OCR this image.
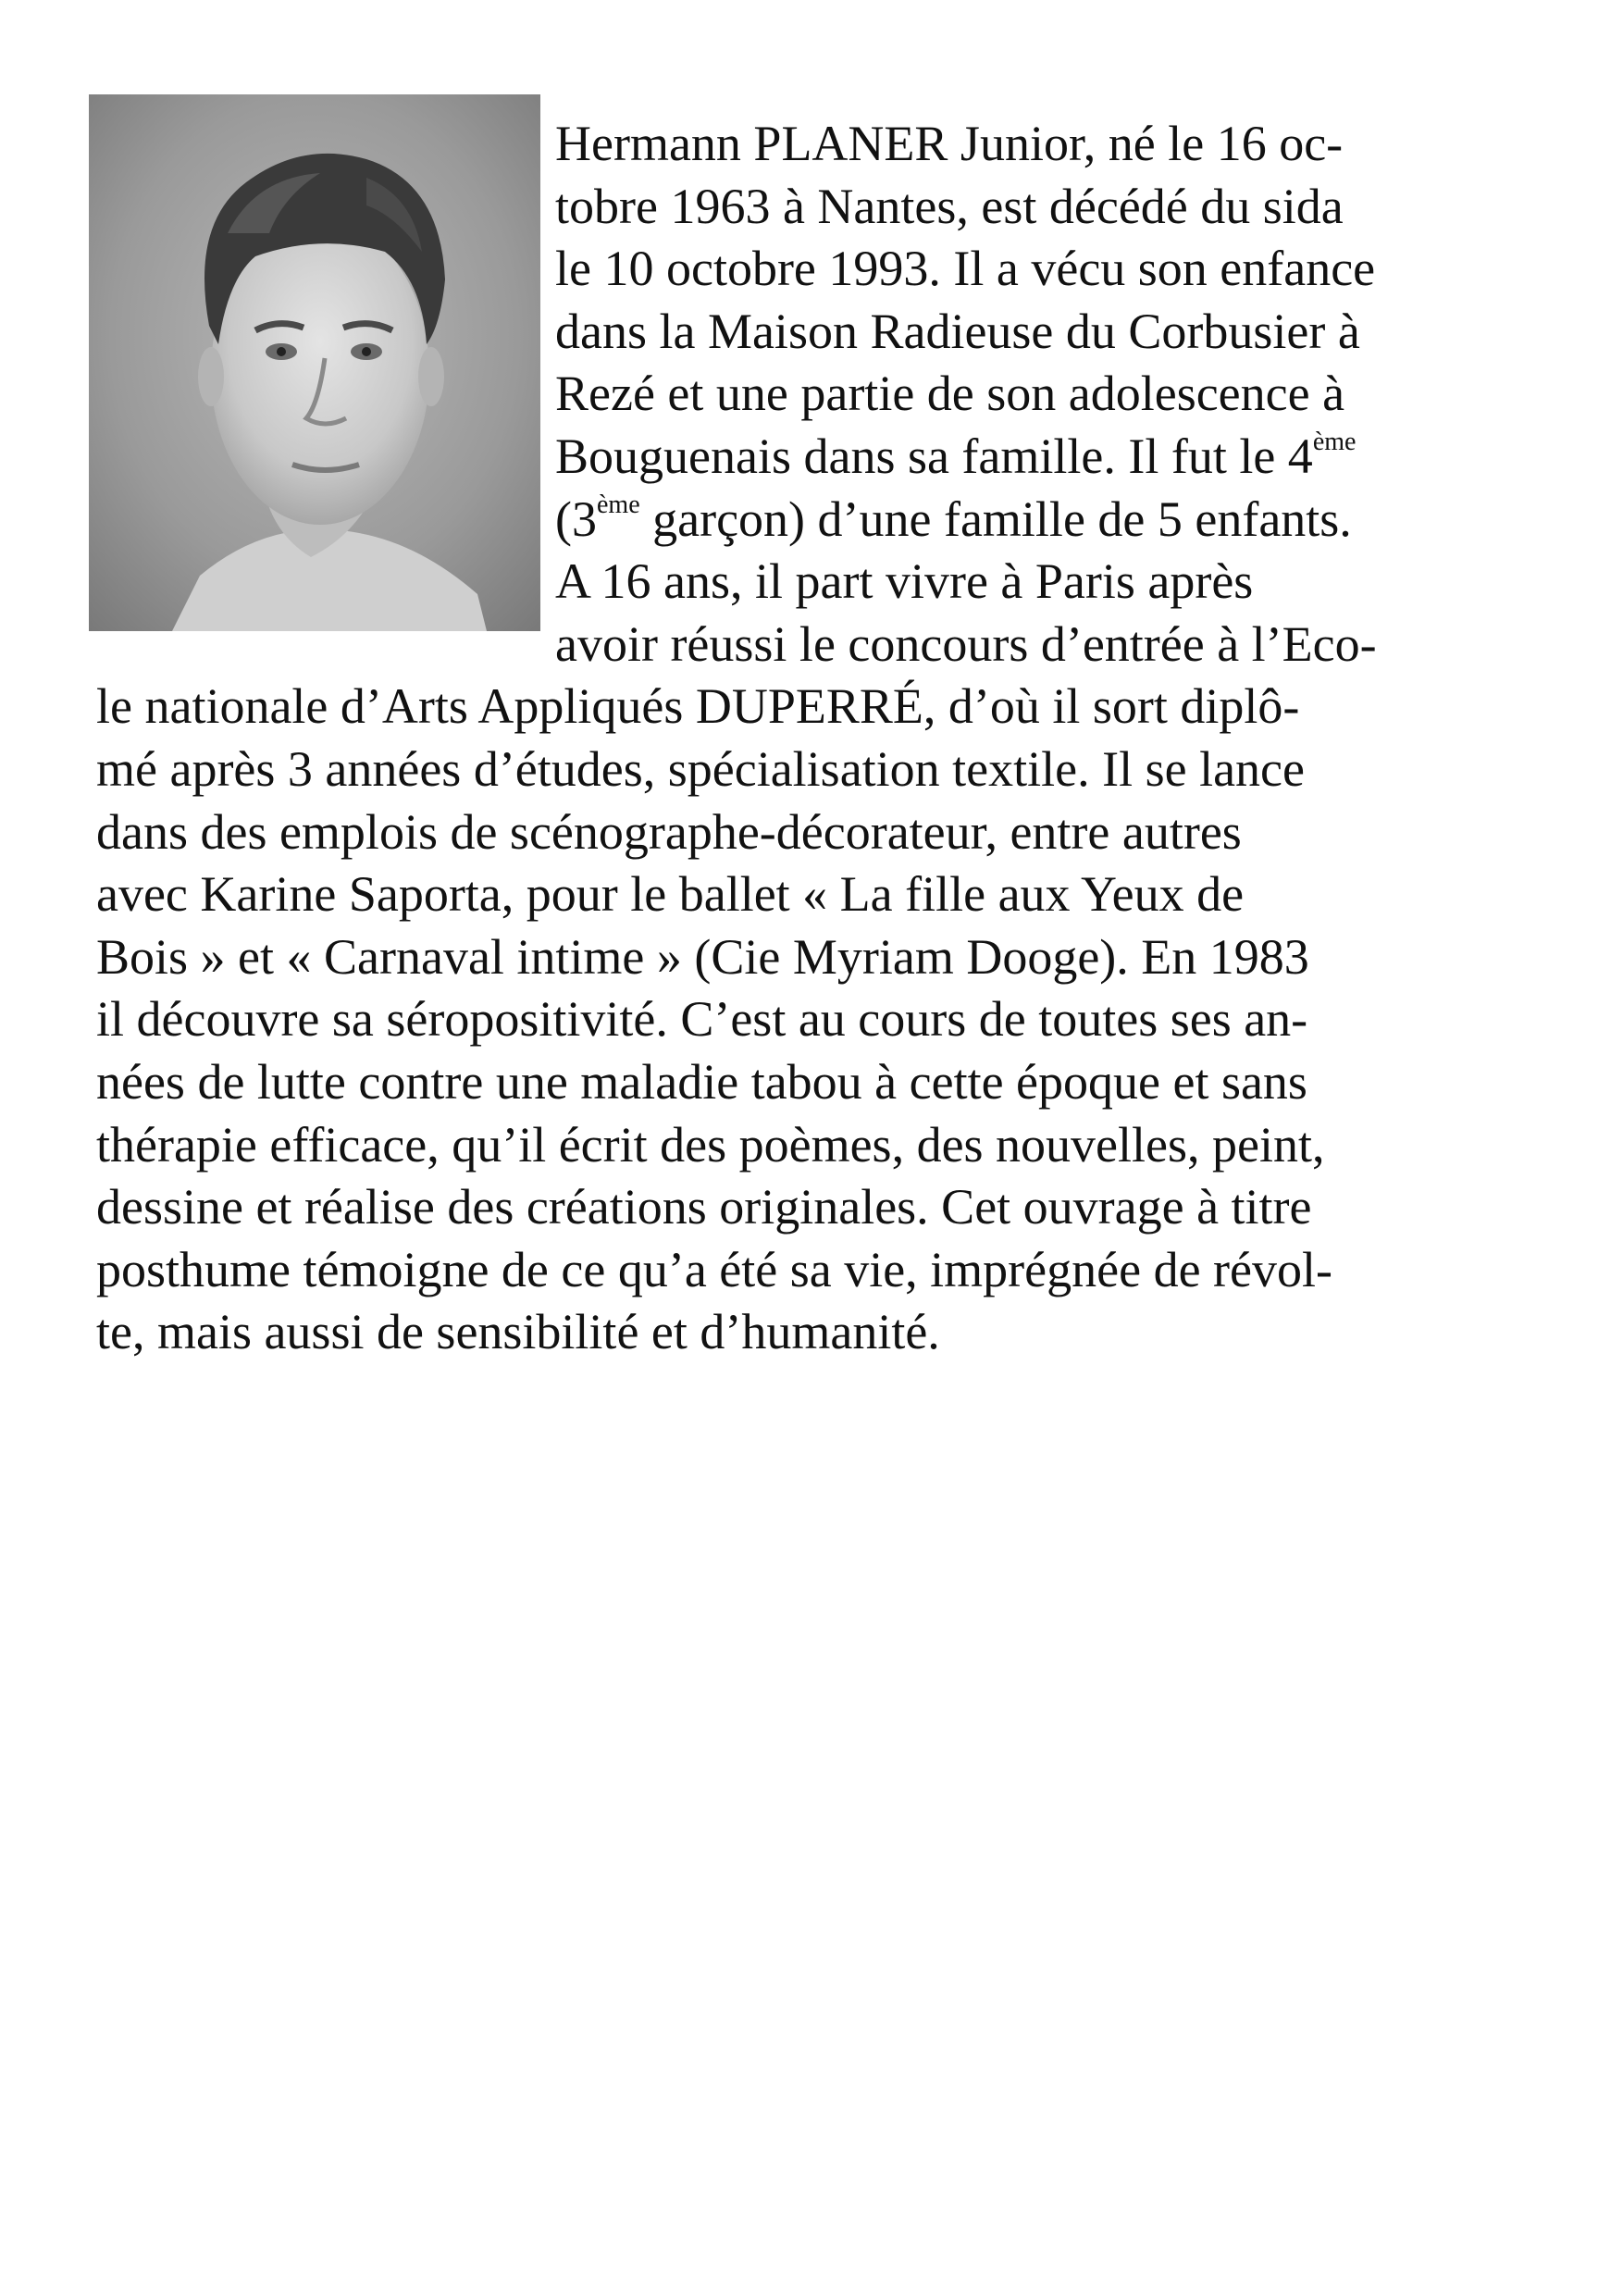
Hermann PLANER Junior, né le 16 oc-
tobre 1963 à Nantes, est décédé du sida
le 10 octobre 1993. Il a vécu son enfance
dans la Maison Radieuse du Corbusier à
Rezé et une partie de son adolescence à
Bouguenais dans sa famille. Il fut le 4ème
(3ème garçon) d’une famille de 5 enfants.
A 16 ans, il part vivre à Paris après
avoir réussi le concours d’entrée à l’Eco-
le nationale d’Arts Appliqués DUPERRÉ, d’où il sort diplô-
mé après 3 années d’études, spécialisation textile. Il se lance
dans des emplois de scénographe-décorateur, entre autres
avec Karine Saporta, pour le ballet « La fille aux Yeux de
Bois » et « Carnaval intime » (Cie Myriam Dooge). En 1983
il découvre sa séropositivité. C’est au cours de toutes ses an-
nées de lutte contre une maladie tabou à cette époque et sans
thérapie efficace, qu’il écrit des poèmes, des nouvelles, peint,
dessine et réalise des créations originales. Cet ouvrage à titre
posthume témoigne de ce qu’a été sa vie, imprégnée de révol-
te, mais aussi de sensibilité et d’humanité.
